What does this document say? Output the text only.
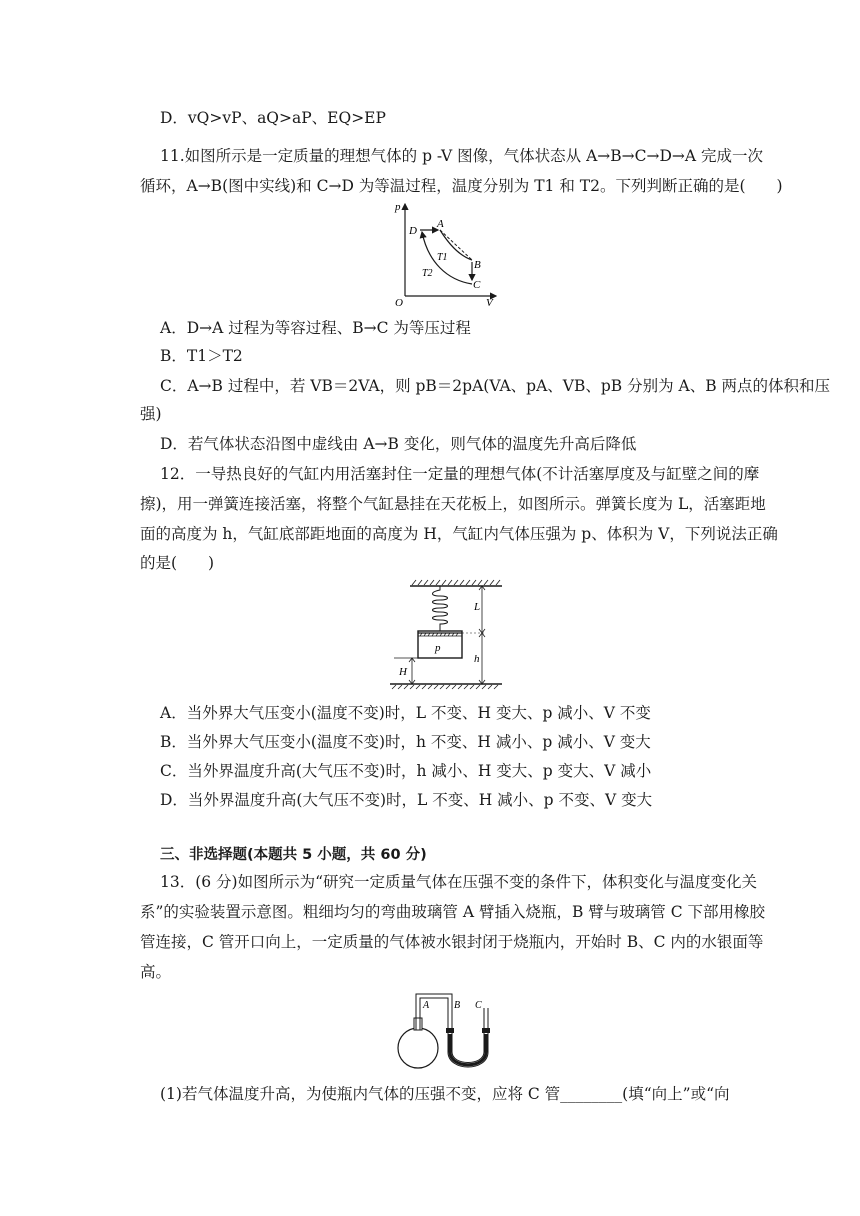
D．vQ>vP、aQ>aP、EQ>EP
11.如图所示是一定质量的理想气体的 p -V 图像，气体状态从 A→B→C→D→A 完成一次
循环，A→B(图中实线)和 C→D 为等温过程，温度分别为 T1 和 T2。下列判断正确的是(　　)
p
V
O
D
A
B
C
T1
T2
A．D→A 过程为等容过程、B→C 为等压过程
B．T1＞T2
C．A→B 过程中，若 VB＝2VA，则 pB＝2pA(VA、pA、VB、pB 分别为 A、B 两点的体积和压
强)
D．若气体状态沿图中虚线由 A→B 变化，则气体的温度先升高后降低
12．一导热良好的气缸内用活塞封住一定量的理想气体(不计活塞厚度及与缸壁之间的摩
擦)，用一弹簧连接活塞，将整个气缸悬挂在天花板上，如图所示。弹簧长度为 L，活塞距地
面的高度为 h，气缸底部距地面的高度为 H，气缸内气体压强为 p、体积为 V，下列说法正确
的是(　　)
p
H
L
h
A．当外界大气压变小(温度不变)时，L 不变、H 变大、p 减小、V 不变
B．当外界大气压变小(温度不变)时，h 不变、H 减小、p 减小、V 变大
C．当外界温度升高(大气压不变)时，h 减小、H 变大、p 变大、V 减小
D．当外界温度升高(大气压不变)时，L 不变、H 减小、p 不变、V 变大
三、非选择题(本题共 5 小题，共 60 分)
13．(6 分)如图所示为“研究一定质量气体在压强不变的条件下，体积变化与温度变化关
系”的实验装置示意图。粗细均匀的弯曲玻璃管 A 臂插入烧瓶，B 臂与玻璃管 C 下部用橡胶
管连接，C 管开口向上，一定质量的气体被水银封闭于烧瓶内，开始时 B、C 内的水银面等
高。
A B C
(1)若气体温度升高，为使瓶内气体的压强不变，应将 C 管________(填“向上”或“向
